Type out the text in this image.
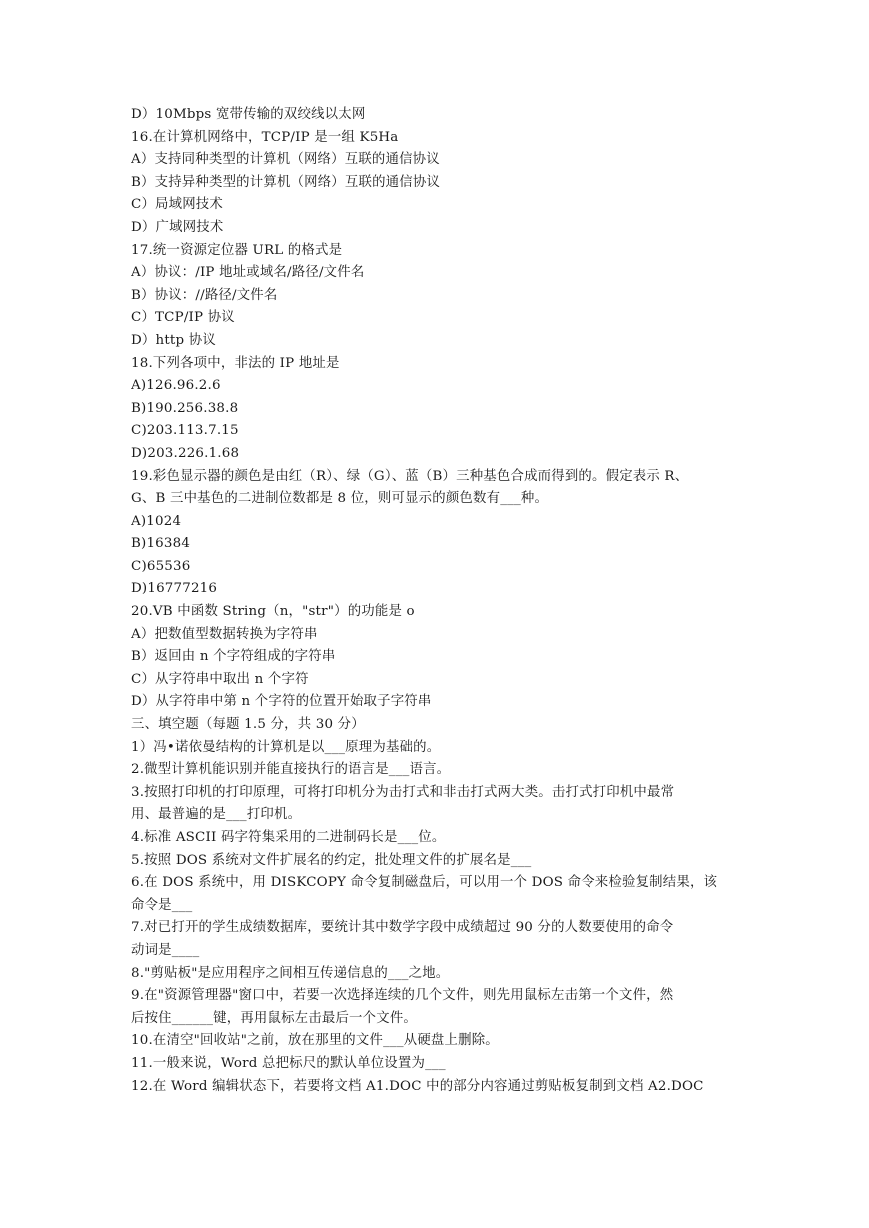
D）10Mbps 宽带传输的双绞线以太网
16.在计算机网络中，TCP/IP 是一组 K5Ha
A）支持同种类型的计算机（网络）互联的通信协议
B）支持异种类型的计算机（网络）互联的通信协议
C）局域网技术
D）广域网技术
17.统一资源定位器 URL 的格式是
A）协议：/IP 地址或域名/路径/文件名
B）协议：//路径/文件名
C）TCP/IP 协议
D）http 协议
18.下列各项中，非法的 IP 地址是
A)126.96.2.6
B)190.256.38.8
C)203.113.7.15
D)203.226.1.68
19.彩色显示器的颜色是由红（R）、绿（G）、蓝（B）三种基色合成而得到的。假定表示 R、
G、B 三中基色的二进制位数都是 8 位，则可显示的颜色数有___种。
A)1024
B)16384
C)65536
D)16777216
20.VB 中函数 String（n，"str"）的功能是 o
A）把数值型数据转换为字符串
B）返回由 n 个字符组成的字符串
C）从字符串中取出 n 个字符
D）从字符串中第 n 个字符的位置开始取子字符串
三、填空题（每题 1.5 分，共 30 分）
1）冯•诺依曼结构的计算机是以___原理为基础的。
2.微型计算机能识别并能直接执行的语言是___语言。
3.按照打印机的打印原理，可将打印机分为击打式和非击打式两大类。击打式打印机中最常
用、最普遍的是___打印机。
4.标准 ASCII 码字符集采用的二进制码长是___位。
5.按照 DOS 系统对文件扩展名的约定，批处理文件的扩展名是___
6.在 DOS 系统中，用 DISKCOPY 命令复制磁盘后，可以用一个 DOS 命令来检验复制结果，该
命令是___
7.对已打开的学生成绩数据库，要统计其中数学字段中成绩超过 90 分的人数要使用的命令
动词是____
8."剪贴板"是应用程序之间相互传递信息的___之地。
9.在"资源管理器"窗口中，若要一次选择连续的几个文件，则先用鼠标左击第一个文件，然
后按住______键，再用鼠标左击最后一个文件。
10.在清空"回收站"之前，放在那里的文件___从硬盘上删除。
11.一般来说，Word 总把标尺的默认单位设置为___
12.在 Word 编辑状态下，若要将文档 A1.DOC 中的部分内容通过剪贴板复制到文档 A2.DOC
